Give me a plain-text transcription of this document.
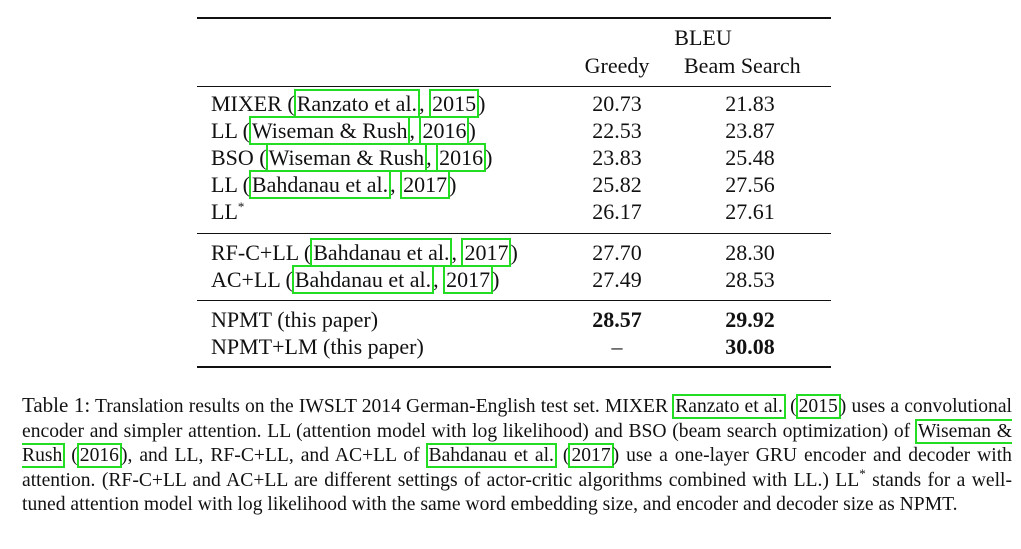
BLEU
Greedy	Beam Search
MIXER (Ranzato et al., 2015)	20.73	21.83
LL (Wiseman & Rush, 2016)	22.53	23.87
BSO (Wiseman & Rush, 2016)	23.83	25.48
LL (Bahdanau et al., 2017)	25.82	27.56
LL*	26.17	27.61
RF-C+LL (Bahdanau et al., 2017)	27.70	28.30
AC+LL (Bahdanau et al., 2017)	27.49	28.53
NPMT (this paper)	28.57	29.92
NPMT+LM (this paper)	–	30.08
Table 1: Translation results on the IWSLT 2014 German-English test set. MIXER Ranzato et al. ( 2015 ) uses a convolutional encoder and simpler attention. LL (attention model with log likelihood) and BSO (beam search optimization) of Wiseman & Rush ( 2016 ), and LL, RF-C+LL, and AC+LL of Bahdanau et al. ( 2017 ) use a one-layer GRU encoder and decoder with attention. (RF-C+LL and AC+LL are different settings of actor-critic algorithms combined with LL.) LL* stands for a well-tuned attention model with log likelihood with the same word embedding size, and encoder and decoder size as NPMT.
